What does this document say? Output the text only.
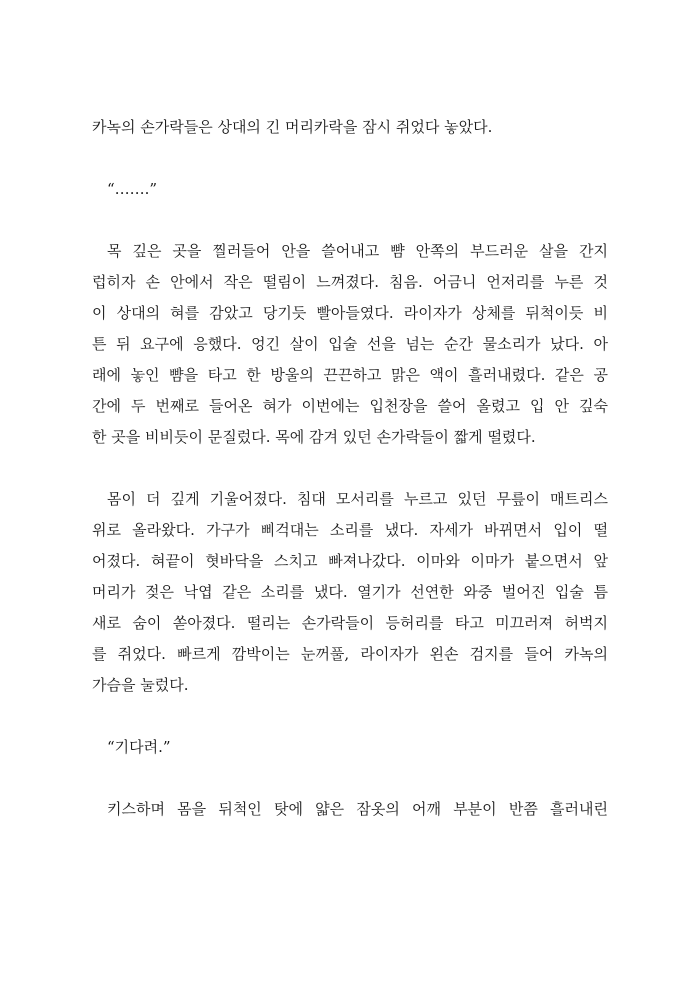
카녹의 손가락들은 상대의 긴 머리카락을 잠시 쥐었다 놓았다.

“…….”

목 깊은 곳을 찔러들어 안을 쓸어내고 뺨 안쪽의 부드러운 살을 간지
럽히자 손 안에서 작은 떨림이 느껴졌다. 침음. 어금니 언저리를 누른 것
이 상대의 혀를 감았고 당기듯 빨아들였다. 라이자가 상체를 뒤척이듯 비
튼 뒤 요구에 응했다. 엉긴 살이 입술 선을 넘는 순간 물소리가 났다. 아
래에 놓인 뺨을 타고 한 방울의 끈끈하고 맑은 액이 흘러내렸다. 같은 공
간에 두 번째로 들어온 혀가 이번에는 입천장을 쓸어 올렸고 입 안 깊숙
한 곳을 비비듯이 문질렀다. 목에 감겨 있던 손가락들이 짧게 떨렸다.

몸이 더 깊게 기울어졌다. 침대 모서리를 누르고 있던 무릎이 매트리스
위로 올라왔다. 가구가 삐걱대는 소리를 냈다. 자세가 바뀌면서 입이 떨
어졌다. 혀끝이 혓바닥을 스치고 빠져나갔다. 이마와 이마가 붙으면서 앞
머리가 젖은 낙엽 같은 소리를 냈다. 열기가 선연한 와중 벌어진 입술 틈
새로 숨이 쏟아졌다. 떨리는 손가락들이 등허리를 타고 미끄러져 허벅지
를 쥐었다. 빠르게 깜박이는 눈꺼풀, 라이자가 왼손 검지를 들어 카녹의
가슴을 눌렀다.

“기다려.”

키스하며 몸을 뒤척인 탓에 얇은 잠옷의 어깨 부분이 반쯤 흘러내린
